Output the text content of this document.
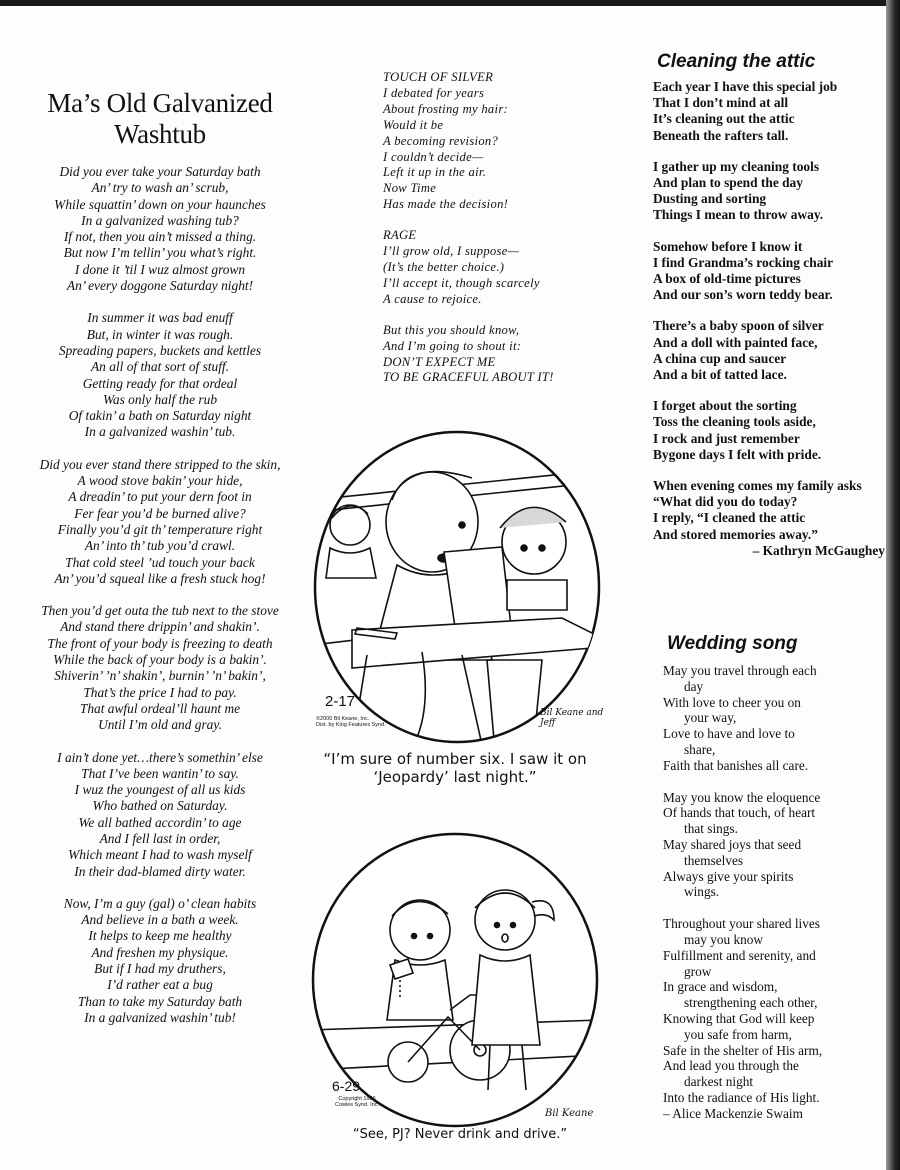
Ma’s Old Galvanized Washtub
Did you ever take your Saturday bath
An’ try to wash an’ scrub,
While squattin’ down on your haunches
In a galvanized washing tub?
If not, then you ain’t missed a thing.
But now I’m tellin’ you what’s right.
I done it ’til I wuz almost grown
An’ every doggone Saturday night!
In summer it was bad enuff
But, in winter it was rough.
Spreading papers, buckets and kettles
An all of that sort of stuff.
Getting ready for that ordeal
Was only half the rub
Of takin’ a bath on Saturday night
In a galvanized washin’ tub.
Did you ever stand there stripped to the skin,
A wood stove bakin’ your hide,
A dreadin’ to put your dern foot in
Fer fear you’d be burned alive?
Finally you’d git th’ temperature right
An’ into th’ tub you’d crawl.
That cold steel ’ud touch your back
An’ you’d squeal like a fresh stuck hog!
Then you’d get outa the tub next to the stove
And stand there drippin’ and shakin’.
The front of your body is freezing to death
While the back of your body is a bakin’.
Shiverin’ ’n’ shakin’, burnin’ ’n’ bakin’,
That’s the price I had to pay.
That awful ordeal’ll haunt me
Until I’m old and gray.
I ain’t done yet…there’s somethin’ else
That I’ve been wantin’ to say.
I wuz the youngest of all us kids
Who bathed on Saturday.
We all bathed accordin’ to age
And I fell last in order,
Which meant I had to wash myself
In their dad-blamed dirty water.
Now, I’m a guy (gal) o’ clean habits
And believe in a bath a week.
It helps to keep me healthy
And freshen my physique.
But if I had my druthers,
I’d rather eat a bug
Than to take my Saturday bath
In a galvanized washin’ tub!
TOUCH OF SILVER
I debated for years
About frosting my hair:
Would it be
A becoming revision?
I couldn’t decide—
Left it up in the air.
Now Time
Has made the decision!
RAGE
I’ll grow old, I suppose—
(It’s the better choice.)
I’ll accept it, though scarcely
A cause to rejoice.
But this you should know,
And I’m going to shout it:
DON’T EXPECT ME
TO BE GRACEFUL ABOUT IT!
2-17
©2000 Bil Keane, Inc.
Dist. by King Features Synd.
Bil Keane and Jeff
“I’m sure of number six. I saw it on
‘Jeopardy’ last night.”
6-29
Copyright 1986
Cowles Synd. Inc.
Bil Keane
“See, PJ? Never drink and drive.”
Cleaning the attic
Each year I have this special job
That I don’t mind at all
It’s cleaning out the attic
Beneath the rafters tall.
I gather up my cleaning tools
And plan to spend the day
Dusting and sorting
Things I mean to throw away.
Somehow before I know it
I find Grandma’s rocking chair
A box of old-time pictures
And our son’s worn teddy bear.
There’s a baby spoon of silver
And a doll with painted face,
A china cup and saucer
And a bit of tatted lace.
I forget about the sorting
Toss the cleaning tools aside,
I rock and just remember
Bygone days I felt with pride.
When evening comes my family asks
“What did you do today?
I reply, “I cleaned the attic
And stored memories away.”
– Kathryn McGaughey
Wedding song
May you travel through each
day
With love to cheer you on
your way,
Love to have and love to
share,
Faith that banishes all care.
May you know the eloquence
Of hands that touch, of heart
that sings.
May shared joys that seed
themselves
Always give your spirits
wings.
Throughout your shared lives
may you know
Fulfillment and serenity, and
grow
In grace and wisdom,
strengthening each other,
Knowing that God will keep
you safe from harm,
Safe in the shelter of His arm,
And lead you through the
darkest night
Into the radiance of His light.
– Alice Mackenzie Swaim
